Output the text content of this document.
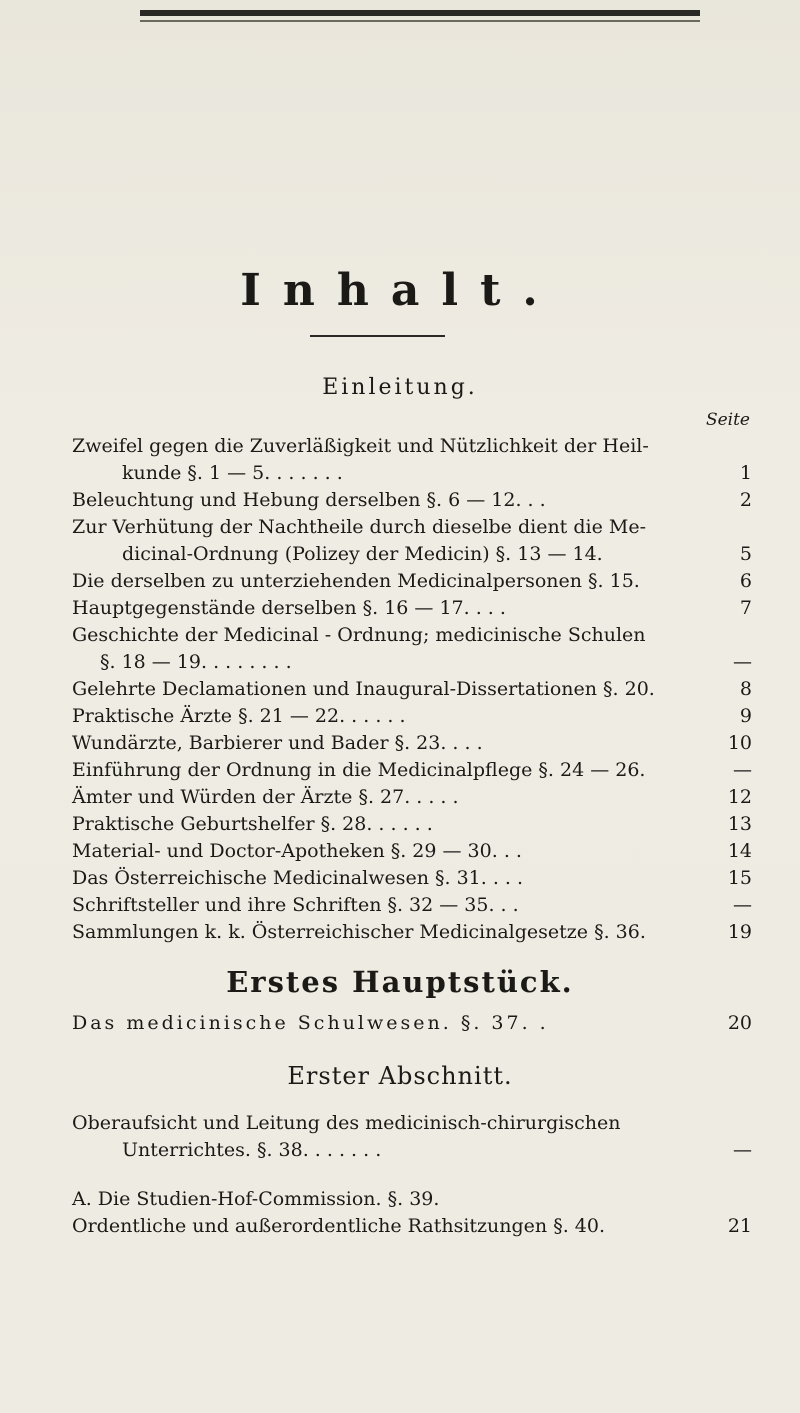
Inhalt.
Einleitung.
Seite
Zweifel gegen die Zuverläßigkeit und Nützlichkeit der Heil-
kunde §. 1 — 5. . . . . . .	1
Beleuchtung und Hebung derselben §. 6 — 12. . .	2
Zur Verhütung der Nachtheile durch dieselbe dient die Me-
dicinal-Ordnung (Polizey der Medicin) §. 13 — 14.	5
Die derselben zu unterziehenden Medicinalpersonen §. 15.	6
Hauptgegenstände derselben §. 16 — 17. . . .	7
Geschichte der Medicinal - Ordnung; medicinische Schulen
§. 18 — 19. . . . . . . .	—
Gelehrte Declamationen und Inaugural-Dissertationen §. 20.	8
Praktische Ärzte §. 21 — 22. . . . . .	9
Wundärzte, Barbierer und Bader §. 23. . . .	10
Einführung der Ordnung in die Medicinalpflege §. 24 — 26.	—
Ämter und Würden der Ärzte §. 27. . . . .	12
Praktische Geburtshelfer §. 28. . . . . .	13
Material- und Doctor-Apotheken §. 29 — 30. . .	14
Das Österreichische Medicinalwesen §. 31. . . .	15
Schriftsteller und ihre Schriften §. 32 — 35. . .	—
Sammlungen k. k. Österreichischer Medicinalgesetze §. 36.	19
Erstes Hauptstück.
Das medicinische Schulwesen. §. 37. .	20
Erster Abschnitt.
Oberaufsicht und Leitung des medicinisch-chirurgischen
Unterrichtes. §. 38. . . . . . .	—
A. Die Studien-Hof-Commission. §. 39.
Ordentliche und außerordentliche Rathsitzungen §. 40.	21
